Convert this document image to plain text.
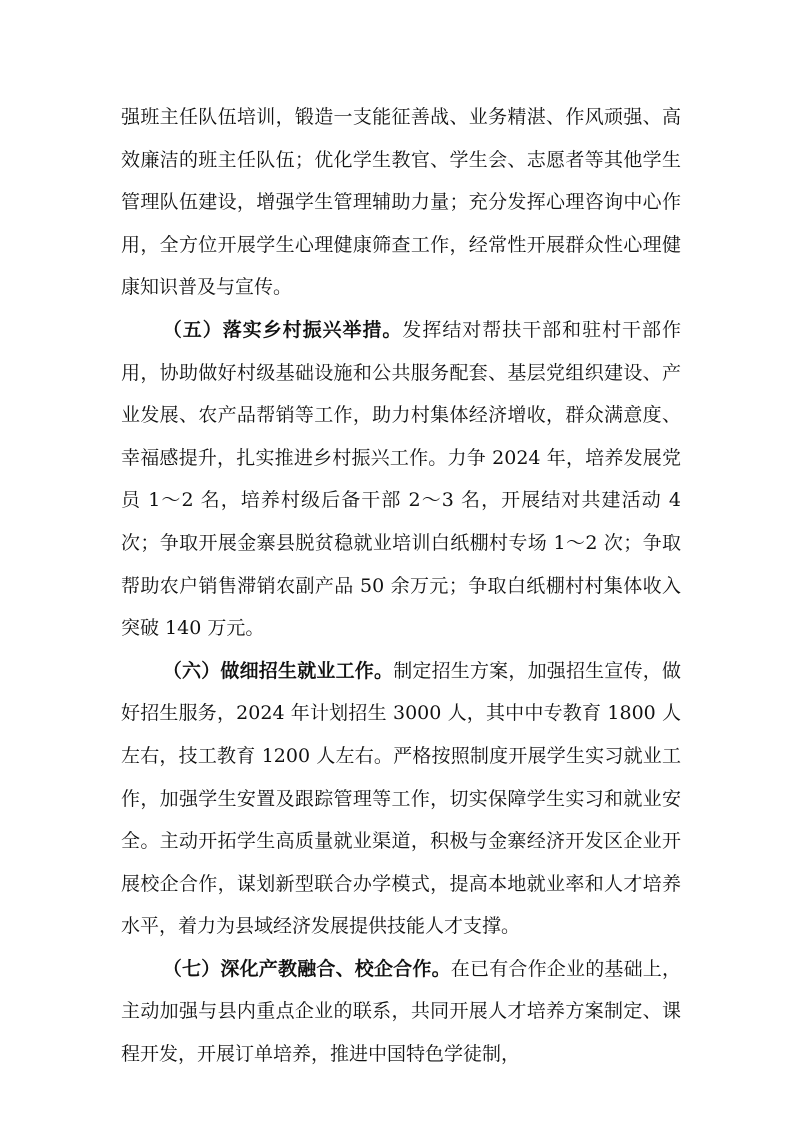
强班主任队伍培训，锻造一支能征善战、业务精湛、作风顽强、高效廉洁的班主任队伍；优化学生教官、学生会、志愿者等其他学生管理队伍建设，增强学生管理辅助力量；充分发挥心理咨询中心作用，全方位开展学生心理健康筛查工作，经常性开展群众性心理健康知识普及与宣传。

（五）落实乡村振兴举措。发挥结对帮扶干部和驻村干部作用，协助做好村级基础设施和公共服务配套、基层党组织建设、产业发展、农产品帮销等工作，助力村集体经济增收，群众满意度、幸福感提升，扎实推进乡村振兴工作。力争 2024 年，培养发展党员 1～2 名，培养村级后备干部 2～3 名，开展结对共建活动 4 次；争取开展金寨县脱贫稳就业培训白纸棚村专场 1～2 次；争取帮助农户销售滞销农副产品 50 余万元；争取白纸棚村村集体收入突破 140 万元。

（六）做细招生就业工作。制定招生方案，加强招生宣传，做好招生服务，2024 年计划招生 3000 人，其中中专教育 1800 人左右，技工教育 1200 人左右。严格按照制度开展学生实习就业工作，加强学生安置及跟踪管理等工作，切实保障学生实习和就业安全。主动开拓学生高质量就业渠道，积极与金寨经济开发区企业开展校企合作，谋划新型联合办学模式，提高本地就业率和人才培养水平，着力为县域经济发展提供技能人才支撑。

（七）深化产教融合、校企合作。在已有合作企业的基础上，主动加强与县内重点企业的联系，共同开展人才培养方案制定、课程开发，开展订单培养，推进中国特色学徒制，
